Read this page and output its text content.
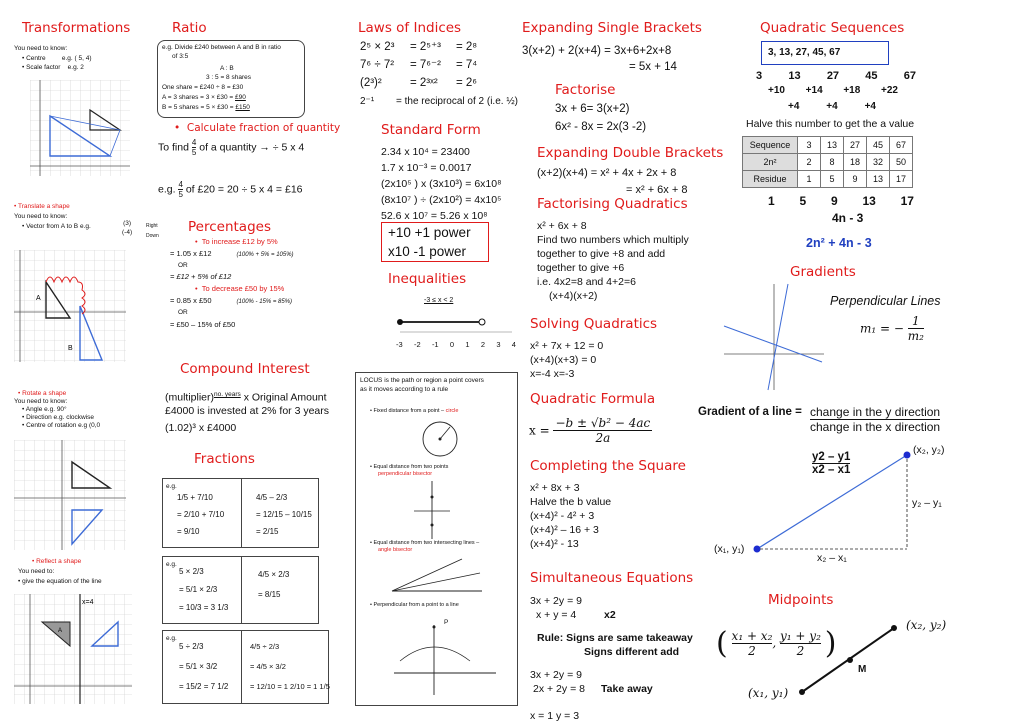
Transformations
You need to know:
• Centre	e.g. ( 5, 4)
• Scale factor e.g. 2
• Translate a shape
You need to know:
• Vector from A to B e.g.	(3)
(-4)
Right
Down
A
B
• Rotate a shape
You need to know:
• Angle e.g. 90°
• Direction e.g. clockwise
• Centre of rotation e.g (0,0
• Reflect a shape
You need to:
• give the equation of the line
x=4
A
Ratio
e.g. Divide £240 between A and B in ratio
of 3:5
A : B
3 : 5 = 8 shares
One share = £240 ÷ 8 = £30
A = 3 shares = 3 × £30 = £90
B = 5 shares = 5 × £30 = £150
•  Calculate fraction of quantity
To find $\frac{4}{5}$ of a quantity → ÷ 5 x 4
e.g. $\frac{4}{5}$ of £20 = 20 ÷ 5 x 4 = £16
Percentages
•  To increase £12 by 5%
= 1.05 x £12	(100% + 5% = 105%)
OR
= £12 + 5% of £12
•  To decrease £50 by 15%
= 0.85 x £50	(100% - 15% = 85%)
OR
= £50 – 15% of £50
Compound Interest
(multiplier)$^{no. years}$ x Original Amount
£4000 is invested at 2% for 3 years
(1.02)³ x £4000
Fractions
e.g.
1/5 + 7/10
= 2/10 + 7/10
= 9/10
4/5 – 2/3
= 12/15 – 10/15
= 2/15
e.g.
5 × 2/3
= 5/1 × 2/3
= 10/3 = 3 1/3
4/5 × 2/3
= 8/15
e.g.
5 ÷ 2/3
= 5/1 × 3/2
= 15/2 = 7 1/2
4/5 ÷ 2/3
= 4/5 × 3/2
= 12/10 = 1 2/10 = 1 1/5
Laws of Indices
2⁵ × 2³ = 2⁵⁺³ = 2⁸
7⁶ ÷ 7² = 7⁶⁻² = 7⁴
(2³)² = 2³ˣ² = 2⁶
2⁻¹ = the reciprocal of 2 (i.e. ½)
Standard Form
2.34 x 10⁴ = 23400
1.7 x 10⁻³ = 0.0017
(2x10⁵ ) x (3x10³) = 6x10⁸
(8x10⁷ ) ÷ (2x10²) = 4x10⁵
52.6 x 10⁷ = 5.26 x 10⁸
+10 +1 power
x10 -1 power
Inequalities
-3 ≤ x < 2
-3 -2 -1 0 1 2 3 4
LOCUS is the path or region a point covers
as it moves according to a rule
• Fixed distance from a point – circle
• Equal distance from two points
perpendicular bisector
• Equal distance from two intersecting lines –
angle bisector
• Perpendicular from a point to a line
P
Expanding Single Brackets
3(x+2) + 2(x+4) = 3x+6+2x+8
= 5x + 14
Factorise
3x + 6= 3(x+2)
6x² - 8x = 2x(3 -2)
Expanding Double Brackets
(x+2)(x+4) = x² + 4x + 2x + 8
= x² + 6x + 8
Factorising Quadratics
x² + 6x + 8
Find two numbers which multiply
together to give +8 and add
together to give +6
i.e. 4x2=8 and 4+2=6
(x+4)(x+2)
Solving Quadratics
x² + 7x + 12 = 0
(x+4)(x+3) = 0
x=-4 x=-3
Quadratic Formula
$x = \frac{\text{−b ± √b² − 4ac}}{2a}$
Completing the Square
x² + 8x + 3
Halve the b value
(x+4)² - 4² + 3
(x+4)² – 16 + 3
(x+4)² - 13
Simultaneous Equations
3x + 2y = 9
x + y = 4	x2
Rule: Signs are same takeaway
Signs different add
3x + 2y = 9
2x + 2y = 8 Take away
x = 1 y = 3
Quadratic Sequences
3, 13, 27, 45, 67
3 13 27 45 67
+10 +14 +18 +22
+4	+4	+4
Halve this number to get the a value
Sequence	3	13	27	45	67
2n²	2	8	18	32	50
Residue	1	5	9	13	17
1 5 9 13 17
4n - 3
2n² + 4n - 3
Gradients
Perpendicular Lines
m₁ = − $\frac{1}{\text{m₂}}$
Gradient of a line = change in the y direction
change in the x direction
y2 – y1
x2 – x1
(x₁, y₁)
(x₂, y₂)
y₂ – y₁
x₂ – x₁
Midpoints
( $\frac{\text{x₁ + x₂}}{2}$ , $\frac{\text{y₁ + y₂}}{2}$ )
M
(x₁, y₁)
(x₂, y₂)
